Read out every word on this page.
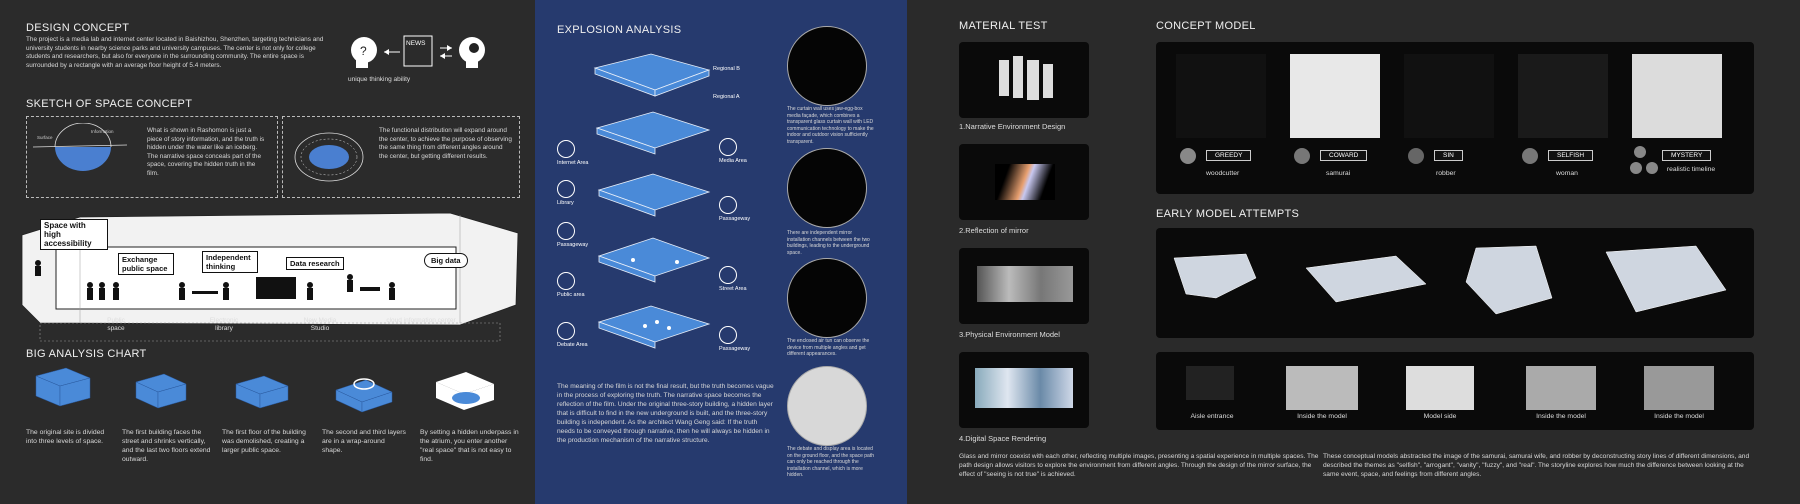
DESIGN CONCEPT
The project is a media lab and internet center located in Baishizhou, Shenzhen, targeting technicians and university students in nearby science parks and university campuses. The center is not only for college students and researchers, but also for everyone in the surrounding community. The entire space is surrounded by a rectangle with an average floor height of 5.4 meters.
?
NEWS
unique thinking ability
SKETCH OF SPACE CONCEPT
Surface
Information	What is shown in Rashomon is just a piece of story information, and the truth is hidden under the water like an iceberg. The narrative space conceals part of the space, covering the hidden truth in the film.
The functional distribution will expand around the center, to achieve the purpose of observing the same thing from different angles around the center, but getting different results.
Space with high accessibility
Exchange public space
Independent thinking	Data research	Big data
Public space
Electronic library
New Media Studio
cloud information center
BIG ANALYSIS CHART
The original site is divided into three levels of space.
The first building faces the street and shrinks vertically, and the last two floors extend outward.
The first floor of the building was demolished, creating a larger public space.
The second and third layers are in a wrap-around shape.
By setting a hidden underpass in the atrium, you enter another "real space" that is not easy to find.
EXPLOSION ANALYSIS
Regional B
Regional A
Internet Area
Library
Passageway
Public area
Debate Area
Media Area
Passageway
Street Area
Passageway
The curtain wall uses jaw-egg-box media façade, which combines a transparent glass curtain wall with LED communication technology to make the indoor and outdoor vision sufficiently transparent.
There are independent mirror installation channels between the two buildings, leading to the underground space.
The enclosed air tun can observe the device from multiple angles and get different appearances.
The debate and display area is located on the ground floor, and the space path can only be reached through the installation channel, which is more hidden.
The meaning of the film is not the final result, but the truth becomes vague in the process of exploring the truth. The narrative space becomes the reflection of the film. Under the original three-story building, a hidden layer that is difficult to find in the new underground is built, and the three-story building is independent. As the architect Wang Geng said: If the truth needs to be conveyed through narrative, then he will always be hidden in the production mechanism of the narrative structure.
MATERIAL TEST
1.Narrative Environment Design
2.Reflection of mirror
3.Physical Environment Model
4.Digital Space Rendering
Glass and mirror coexist with each other, reflecting multiple images, presenting a spatial experience in multiple spaces. The path design allows visitors to explore the environment from different angles. Through the design of the mirror surface, the effect of "seeing is not true" is achieved.
CONCEPT MODEL
GREEDY
woodcutter
COWARD
samurai
SIN
robber
SELFISH
woman
MYSTERY
realistic timeline
EARLY MODEL ATTEMPTS
Aisle entrance	Inside the model	Model side	Inside the model	Inside the model
These conceptual models abstracted the image of the samurai, samurai wife, and robber by deconstructing story lines of different dimensions, and described the themes as "selfish", "arrogant", "vanity", "fuzzy", and "real". The storyline explores how much the difference between looking at the same event, space, and feelings from different angles.
